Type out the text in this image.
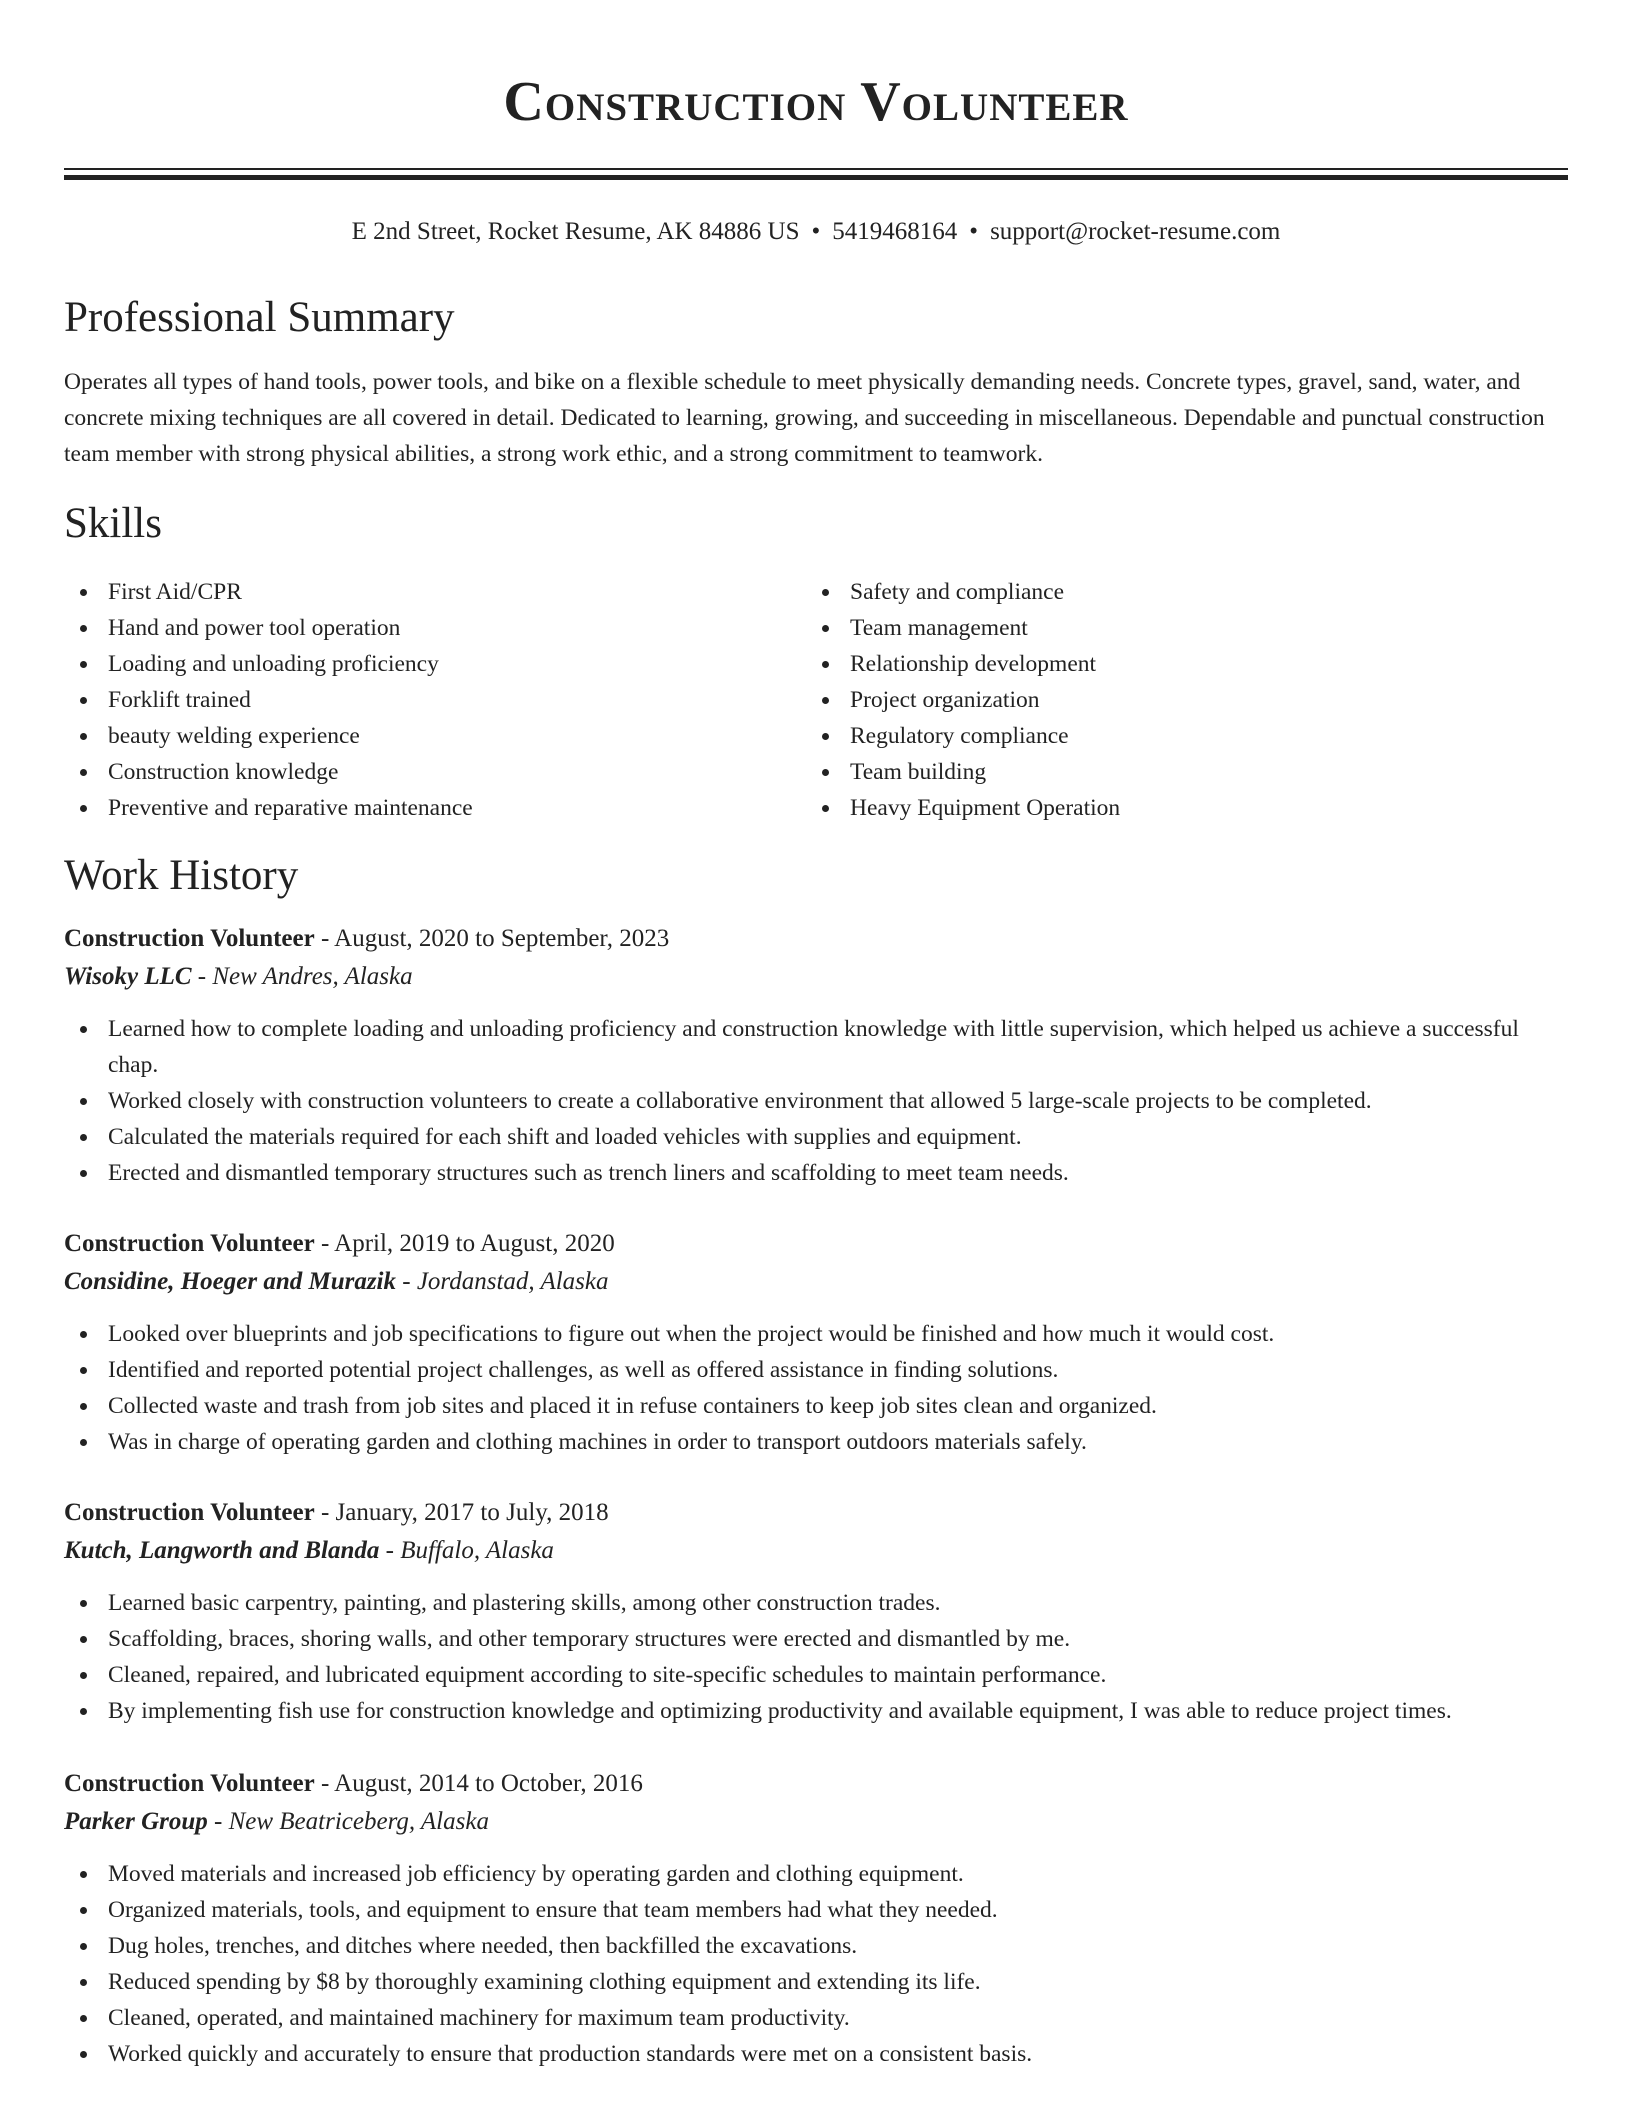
Construction Volunteer
E 2nd Street, Rocket Resume, AK 84886 US • 5419468164 • support@rocket-resume.com
Professional Summary

Operates all types of hand tools, power tools, and bike on a flexible schedule to meet physically demanding needs. Concrete types, gravel, sand, water, and concrete mixing techniques are all covered in detail. Dedicated to learning, growing, and succeeding in miscellaneous. Dependable and punctual construction team member with strong physical abilities, a strong work ethic, and a strong commitment to teamwork.

Skills
First Aid/CPR
Hand and power tool operation
Loading and unloading proficiency
Forklift trained
beauty welding experience
Construction knowledge
Preventive and reparative maintenance
Safety and compliance
Team management
Relationship development
Project organization
Regulatory compliance
Team building
Heavy Equipment Operation
Work History

Construction Volunteer - August, 2020 to September, 2023

Wisoky LLC - New Andres, Alaska

Learned how to complete loading and unloading proficiency and construction knowledge with little supervision, which helped us achieve a successful chap.
Worked closely with construction volunteers to create a collaborative environment that allowed 5 large-scale projects to be completed.
Calculated the materials required for each shift and loaded vehicles with supplies and equipment.
Erected and dismantled temporary structures such as trench liners and scaffolding to meet team needs.

Construction Volunteer - April, 2019 to August, 2020

Considine, Hoeger and Murazik - Jordanstad, Alaska

Looked over blueprints and job specifications to figure out when the project would be finished and how much it would cost.
Identified and reported potential project challenges, as well as offered assistance in finding solutions.
Collected waste and trash from job sites and placed it in refuse containers to keep job sites clean and organized.
Was in charge of operating garden and clothing machines in order to transport outdoors materials safely.

Construction Volunteer - January, 2017 to July, 2018

Kutch, Langworth and Blanda - Buffalo, Alaska

Learned basic carpentry, painting, and plastering skills, among other construction trades.
Scaffolding, braces, shoring walls, and other temporary structures were erected and dismantled by me.
Cleaned, repaired, and lubricated equipment according to site-specific schedules to maintain performance.
By implementing fish use for construction knowledge and optimizing productivity and available equipment, I was able to reduce project times.

Construction Volunteer - August, 2014 to October, 2016

Parker Group - New Beatriceberg, Alaska

Moved materials and increased job efficiency by operating garden and clothing equipment.
Organized materials, tools, and equipment to ensure that team members had what they needed.
Dug holes, trenches, and ditches where needed, then backfilled the excavations.
Reduced spending by $8 by thoroughly examining clothing equipment and extending its life.
Cleaned, operated, and maintained machinery for maximum team productivity.
Worked quickly and accurately to ensure that production standards were met on a consistent basis.
